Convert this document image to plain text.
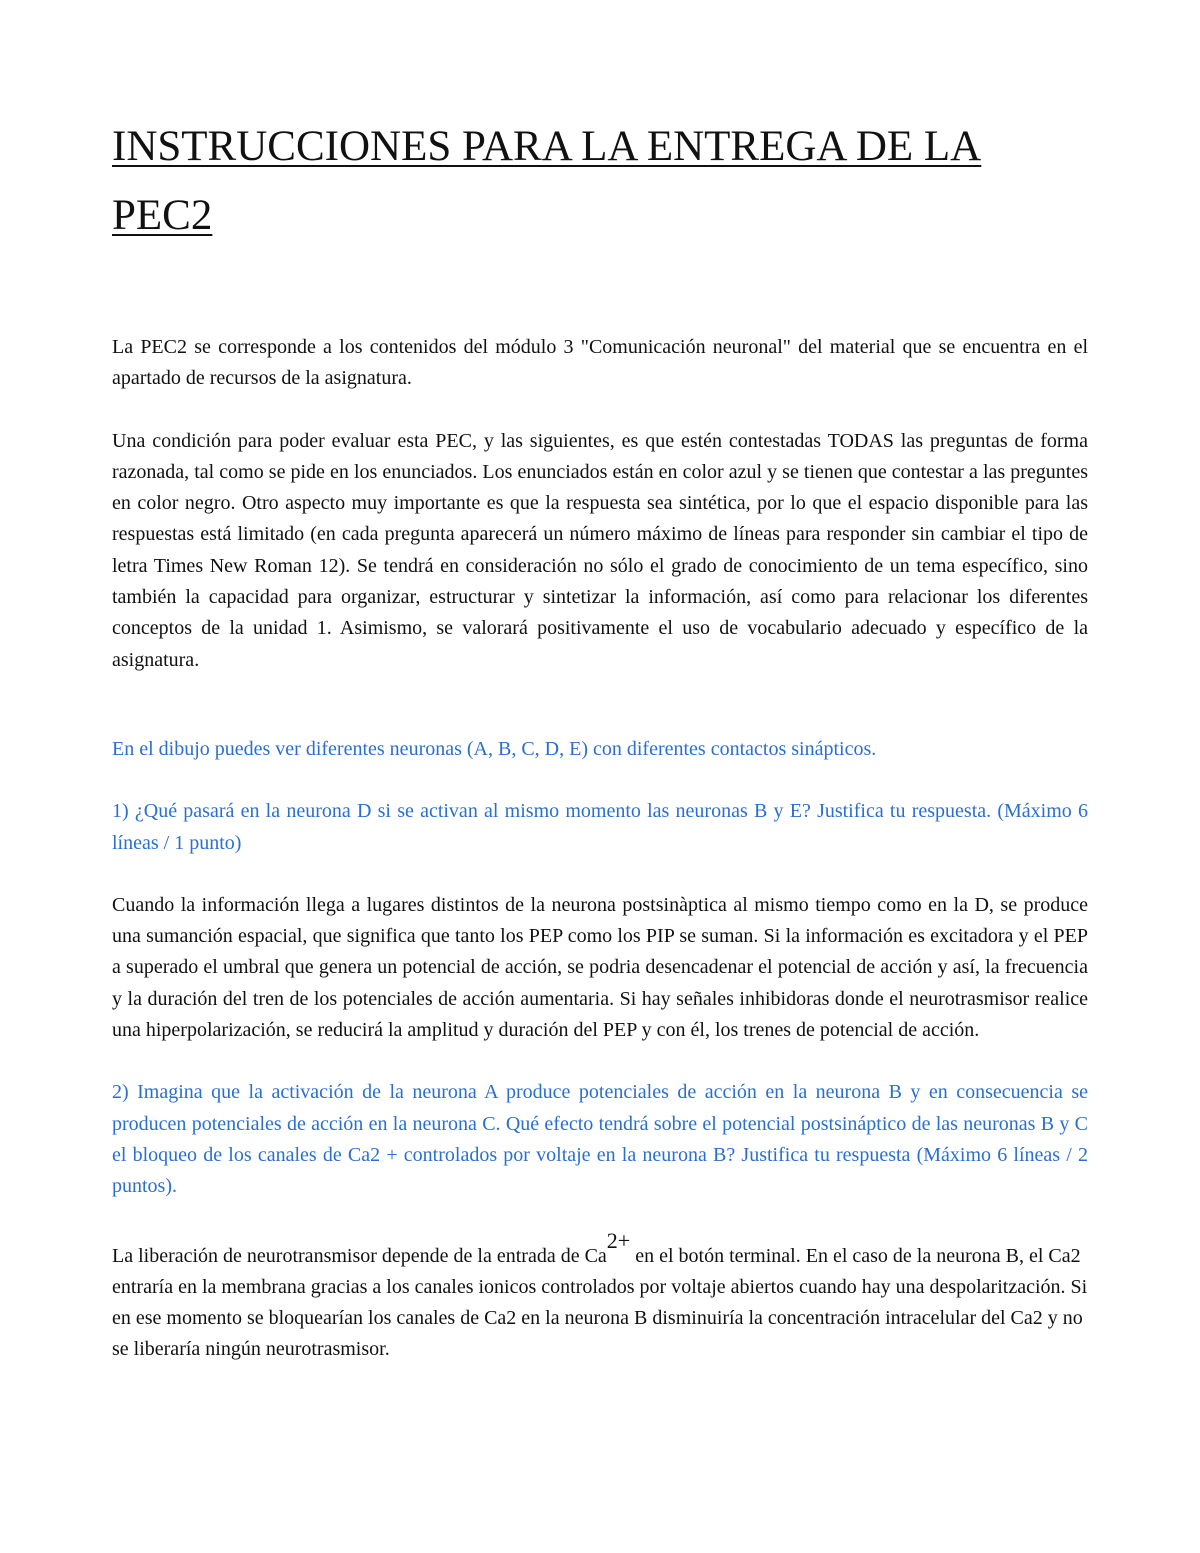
INSTRUCCIONES PARA LA ENTREGA DE LA PEC2

La PEC2 se corresponde a los contenidos del módulo 3 "Comunicación neuronal" del material que se encuentra en el apartado de recursos de la asignatura.

Una condición para poder evaluar esta PEC, y las siguientes, es que estén contestadas TODAS las preguntas de forma razonada, tal como se pide en los enunciados. Los enunciados están en color azul y se tienen que contestar a las preguntes en color negro. Otro aspecto muy importante es que la respuesta sea sintética, por lo que el espacio disponible para las respuestas está limitado (en cada pregunta aparecerá un número máximo de líneas para responder sin cambiar el tipo de letra Times New Roman 12). Se tendrá en consideración no sólo el grado de conocimiento de un tema específico, sino también la capacidad para organizar, estructurar y sintetizar la información, así como para relacionar los diferentes conceptos de la unidad 1. Asimismo, se valorará positivamente el uso de vocabulario adecuado y específico de la asignatura.

En el dibujo puedes ver diferentes neuronas (A, B, C, D, E) con diferentes contactos sinápticos.

1) ¿Qué pasará en la neurona D si se activan al mismo momento las neuronas B y E? Justifica tu respuesta. (Máximo 6 líneas / 1 punto)

Cuando la información llega a lugares distintos de la neurona postsinàptica al mismo tiempo como en la D, se produce una sumanción espacial, que significa que tanto los PEP como los PIP se suman. Si la información es excitadora y el PEP a superado el umbral que genera un potencial de acción, se podria desencadenar el potencial de acción y así, la frecuencia y la duración del tren de los potenciales de acción aumentaria. Si hay señales inhibidoras donde el neurotrasmisor realice una hiperpolarización, se reducirá la amplitud y duración del PEP y con él, los trenes de potencial de acción.

2) Imagina que la activación de la neurona A produce potenciales de acción en la neurona B y en consecuencia se producen potenciales de acción en la neurona C. Qué efecto tendrá sobre el potencial postsináptico de las neuronas B y C el bloqueo de los canales de Ca2 + controlados por voltaje en la neurona B? Justifica tu respuesta (Máximo 6 líneas / 2 puntos).

La liberación de neurotransmisor depende de la entrada de Ca2+ en el botón terminal. En el caso de la neurona B, el Ca2 entraría en la membrana gracias a los canales ionicos controlados por voltaje abiertos cuando hay una despolaritzación. Si en ese momento se bloquearían los canales de Ca2 en la neurona B disminuiría la concentración intracelular del Ca2 y no se liberaría ningún neurotrasmisor.
